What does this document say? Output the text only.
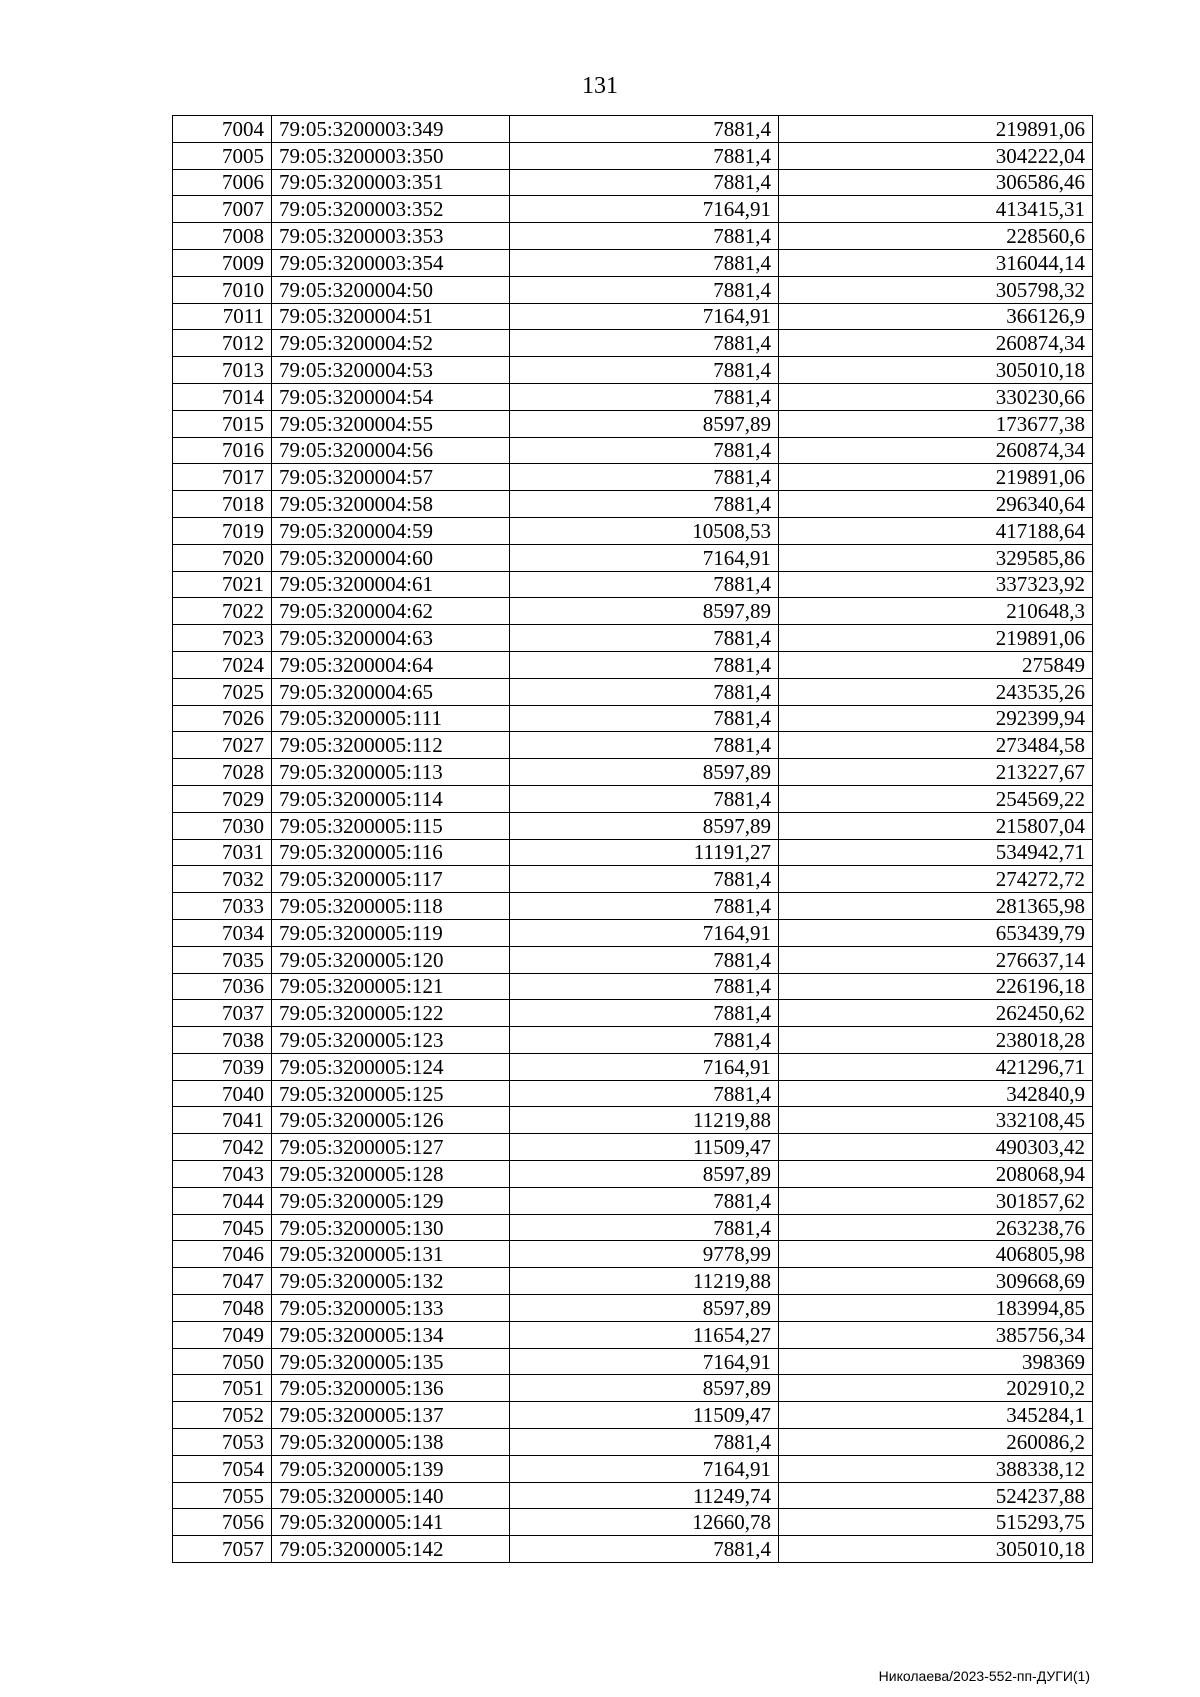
131
7004	79:05:3200003:349	7881,4	219891,06
7005	79:05:3200003:350	7881,4	304222,04
7006	79:05:3200003:351	7881,4	306586,46
7007	79:05:3200003:352	7164,91	413415,31
7008	79:05:3200003:353	7881,4	228560,6
7009	79:05:3200003:354	7881,4	316044,14
7010	79:05:3200004:50	7881,4	305798,32
7011	79:05:3200004:51	7164,91	366126,9
7012	79:05:3200004:52	7881,4	260874,34
7013	79:05:3200004:53	7881,4	305010,18
7014	79:05:3200004:54	7881,4	330230,66
7015	79:05:3200004:55	8597,89	173677,38
7016	79:05:3200004:56	7881,4	260874,34
7017	79:05:3200004:57	7881,4	219891,06
7018	79:05:3200004:58	7881,4	296340,64
7019	79:05:3200004:59	10508,53	417188,64
7020	79:05:3200004:60	7164,91	329585,86
7021	79:05:3200004:61	7881,4	337323,92
7022	79:05:3200004:62	8597,89	210648,3
7023	79:05:3200004:63	7881,4	219891,06
7024	79:05:3200004:64	7881,4	275849
7025	79:05:3200004:65	7881,4	243535,26
7026	79:05:3200005:111	7881,4	292399,94
7027	79:05:3200005:112	7881,4	273484,58
7028	79:05:3200005:113	8597,89	213227,67
7029	79:05:3200005:114	7881,4	254569,22
7030	79:05:3200005:115	8597,89	215807,04
7031	79:05:3200005:116	11191,27	534942,71
7032	79:05:3200005:117	7881,4	274272,72
7033	79:05:3200005:118	7881,4	281365,98
7034	79:05:3200005:119	7164,91	653439,79
7035	79:05:3200005:120	7881,4	276637,14
7036	79:05:3200005:121	7881,4	226196,18
7037	79:05:3200005:122	7881,4	262450,62
7038	79:05:3200005:123	7881,4	238018,28
7039	79:05:3200005:124	7164,91	421296,71
7040	79:05:3200005:125	7881,4	342840,9
7041	79:05:3200005:126	11219,88	332108,45
7042	79:05:3200005:127	11509,47	490303,42
7043	79:05:3200005:128	8597,89	208068,94
7044	79:05:3200005:129	7881,4	301857,62
7045	79:05:3200005:130	7881,4	263238,76
7046	79:05:3200005:131	9778,99	406805,98
7047	79:05:3200005:132	11219,88	309668,69
7048	79:05:3200005:133	8597,89	183994,85
7049	79:05:3200005:134	11654,27	385756,34
7050	79:05:3200005:135	7164,91	398369
7051	79:05:3200005:136	8597,89	202910,2
7052	79:05:3200005:137	11509,47	345284,1
7053	79:05:3200005:138	7881,4	260086,2
7054	79:05:3200005:139	7164,91	388338,12
7055	79:05:3200005:140	11249,74	524237,88
7056	79:05:3200005:141	12660,78	515293,75
7057	79:05:3200005:142	7881,4	305010,18
Николаева/2023-552-пп-ДУГИ(1)
